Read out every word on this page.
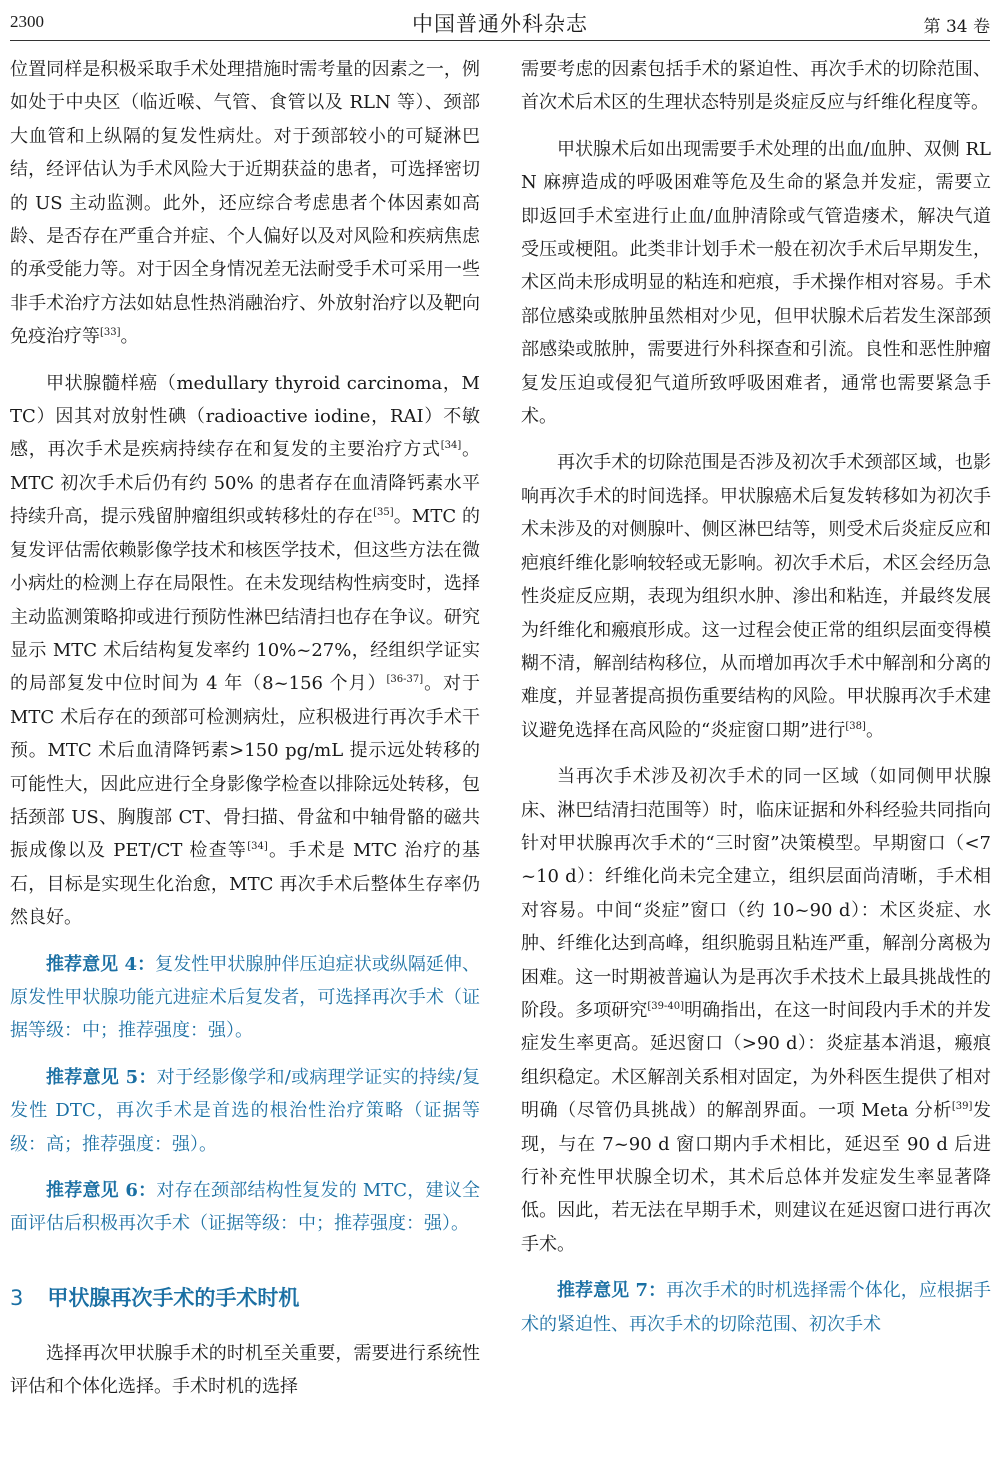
2300	中国普通外科杂志	第 34 卷

位置同样是积极采取手术处理措施时需考量的因素之一，例如处于中央区（临近喉、气管、食管以及 RLN 等）、颈部大血管和上纵隔的复发性病灶。对于颈部较小的可疑淋巴结，经评估认为手术风险大于近期获益的患者，可选择密切的 US 主动监测。此外，还应综合考虑患者个体因素如高龄、是否存在严重合并症、个人偏好以及对风险和疾病焦虑的承受能力等。对于因全身情况差无法耐受手术可采用一些非手术治疗方法如姑息性热消融治疗、外放射治疗以及靶向免疫治疗等[33]。

甲状腺髓样癌（medullary thyroid carcinoma，MTC）因其对放射性碘（radioactive iodine，RAI）不敏感，再次手术是疾病持续存在和复发的主要治疗方式[34]。MTC 初次手术后仍有约 50% 的患者存在血清降钙素水平持续升高，提示残留肿瘤组织或转移灶的存在[35]。MTC 的复发评估需依赖影像学技术和核医学技术，但这些方法在微小病灶的检测上存在局限性。在未发现结构性病变时，选择主动监测策略抑或进行预防性淋巴结清扫也存在争议。研究显示 MTC 术后结构复发率约 10%~27%，经组织学证实的局部复发中位时间为 4 年（8~156 个月）[36-37]。对于 MTC 术后存在的颈部可检测病灶，应积极进行再次手术干预。MTC 术后血清降钙素>150 pg/mL 提示远处转移的可能性大，因此应进行全身影像学检查以排除远处转移，包括颈部 US、胸腹部 CT、骨扫描、骨盆和中轴骨骼的磁共振成像以及 PET/CT 检查等[34]。手术是 MTC 治疗的基石，目标是实现生化治愈，MTC 再次手术后整体生存率仍然良好。

推荐意见 4：复发性甲状腺肿伴压迫症状或纵隔延伸、原发性甲状腺功能亢进症术后复发者，可选择再次手术（证据等级：中；推荐强度：强）。

推荐意见 5：对于经影像学和/或病理学证实的持续/复发性 DTC，再次手术是首选的根治性治疗策略（证据等级：高；推荐强度：强）。

推荐意见 6：对存在颈部结构性复发的 MTC，建议全面评估后积极再次手术（证据等级：中；推荐强度：强）。

3 甲状腺再次手术的手术时机

选择再次甲状腺手术的时机至关重要，需要进行系统性评估和个体化选择。手术时机的选择

需要考虑的因素包括手术的紧迫性、再次手术的切除范围、首次术后术区的生理状态特别是炎症反应与纤维化程度等。

甲状腺术后如出现需要手术处理的出血/血肿、双侧 RLN 麻痹造成的呼吸困难等危及生命的紧急并发症，需要立即返回手术室进行止血/血肿清除或气管造瘘术，解决气道受压或梗阻。此类非计划手术一般在初次手术后早期发生，术区尚未形成明显的粘连和疤痕，手术操作相对容易。手术部位感染或脓肿虽然相对少见，但甲状腺术后若发生深部颈部感染或脓肿，需要进行外科探查和引流。良性和恶性肿瘤复发压迫或侵犯气道所致呼吸困难者，通常也需要紧急手术。

再次手术的切除范围是否涉及初次手术颈部区域，也影响再次手术的时间选择。甲状腺癌术后复发转移如为初次手术未涉及的对侧腺叶、侧区淋巴结等，则受术后炎症反应和疤痕纤维化影响较轻或无影响。初次手术后，术区会经历急性炎症反应期，表现为组织水肿、渗出和粘连，并最终发展为纤维化和瘢痕形成。这一过程会使正常的组织层面变得模糊不清，解剖结构移位，从而增加再次手术中解剖和分离的难度，并显著提高损伤重要结构的风险。甲状腺再次手术建议避免选择在高风险的“炎症窗口期”进行[38]。

当再次手术涉及初次手术的同一区域（如同侧甲状腺床、淋巴结清扫范围等）时，临床证据和外科经验共同指向针对甲状腺再次手术的“三时窗”决策模型。早期窗口（<7~10 d）：纤维化尚未完全建立，组织层面尚清晰，手术相对容易。中间“炎症”窗口（约 10~90 d）：术区炎症、水肿、纤维化达到高峰，组织脆弱且粘连严重，解剖分离极为困难。这一时期被普遍认为是再次手术技术上最具挑战性的阶段。多项研究[39-40]明确指出，在这一时间段内手术的并发症发生率更高。延迟窗口（>90 d）：炎症基本消退，瘢痕组织稳定。术区解剖关系相对固定，为外科医生提供了相对明确（尽管仍具挑战）的解剖界面。一项 Meta 分析[39]发现，与在 7~90 d 窗口期内手术相比，延迟至 90 d 后进行补充性甲状腺全切术，其术后总体并发症发生率显著降低。因此，若无法在早期手术，则建议在延迟窗口进行再次手术。

推荐意见 7：再次手术的时机选择需个体化，应根据手术的紧迫性、再次手术的切除范围、初次手术
